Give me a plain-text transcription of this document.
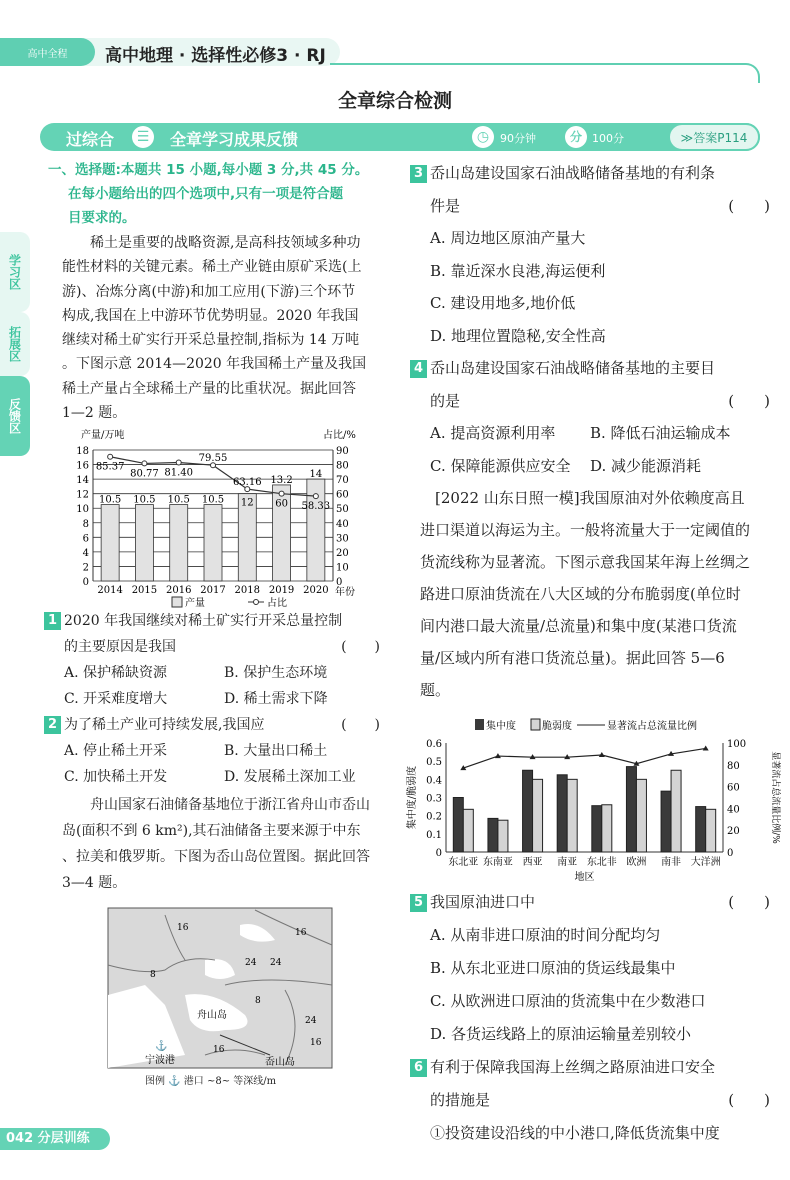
高中全程 高中地理 · 选择性必修3 · RJ
全章综合检测
过综合	☰ 全章学习成果反馈	◷ 90分钟	分 100分	≫答案P114
学习区
拓展区
反馈区
一、选择题:本题共 15 小题,每小题 3 分,共 45 分。
在每小题给出的四个选项中,只有一项是符合题
目要求的。
稀土是重要的战略资源,是高科技领域多种功
能性材料的关键元素。稀土产业链由原矿采选(上
游)、冶炼分离(中游)和加工应用(下游)三个环节
构成,我国在上中游环节优势明显。2020 年我国
继续对稀土矿实行开采总量控制,指标为 14 万吨
。下图示意 2014—2020 年我国稀土产量及我国
稀土产量占全球稀土产量的比重状况。据此回答
1—2 题。
0
2
4
6
8
10
12
14
16
18
0
10
20
30
40
50
60
70
80
90
10.5
2014
10.5
2015
10.5
2016
10.5
2017
12
2018
13.2
2019
14
2020
85.37
80.77 81.40
79.55
63.16
60 58.33
产量/万吨	占比/%
年份
产量	占比
1 2020 年我国继续对稀土矿实行开采总量控制
的主要原因是我国	(　　)
A. 保护稀缺资源	B. 保护生态环境
C. 开采难度增大	D. 稀土需求下降
2 为了稀土产业可持续发展,我国应	(　　)
A. 停止稀土开采	B. 大量出口稀土
C. 加快稀土开发	D. 发展稀土深加工业
舟山国家石油储备基地位于浙江省舟山市岙山
岛(面积不到 6 km²),其石油储备主要来源于中东
、拉美和俄罗斯。下图为岙山岛位置图。据此回答
3—4 题。
8
16	16
24 24
8
24
16
16
舟山岛
宁波港
⚓
岙山岛
图例 ⚓ 港口 ~8~ 等深线/m
3 岙山岛建设国家石油战略储备基地的有利条
件是	(　　)
A. 周边地区原油产量大
B. 靠近深水良港,海运便利
C. 建设用地多,地价低
D. 地理位置隐秘,安全性高
4 岙山岛建设国家石油战略储备基地的主要目
的是	(　　)
A. 提高资源利用率 B. 降低石油运输成本
C. 保障能源供应安全 D. 减少能源消耗
[2022 山东日照一模]我国原油对外依赖度高且
进口渠道以海运为主。一般将流量大于一定阈值的
货流线称为显著流。下图示意我国某年海上丝绸之
路进口原油货流在八大区域的分布脆弱度(单位时
间内港口最大流量/总流量)和集中度(某港口货流
量/区域内所有港口货流总量)。据此回答 5—6
题。
0
0.1
0.2
0.3
0.4
0.5
0.6
0
20
40
60
80
100
东北亚 东南亚 西亚 南亚 东北非 欧洲 南非 大洋洲
地区
集中度/脆弱度	显著流占总流量比例/%
集中度	脆弱度	显著流占总流量比例
5 我国原油进口中	(　　)
A. 从南非进口原油的时间分配均匀
B. 从东北亚进口原油的货运线最集中
C. 从欧洲进口原油的货流集中在少数港口
D. 各货运线路上的原油运输量差别较小
6 有利于保障我国海上丝绸之路原油进口安全
的措施是	(　　)
①投资建设沿线的中小港口,降低货流集中度
042 分层训练
